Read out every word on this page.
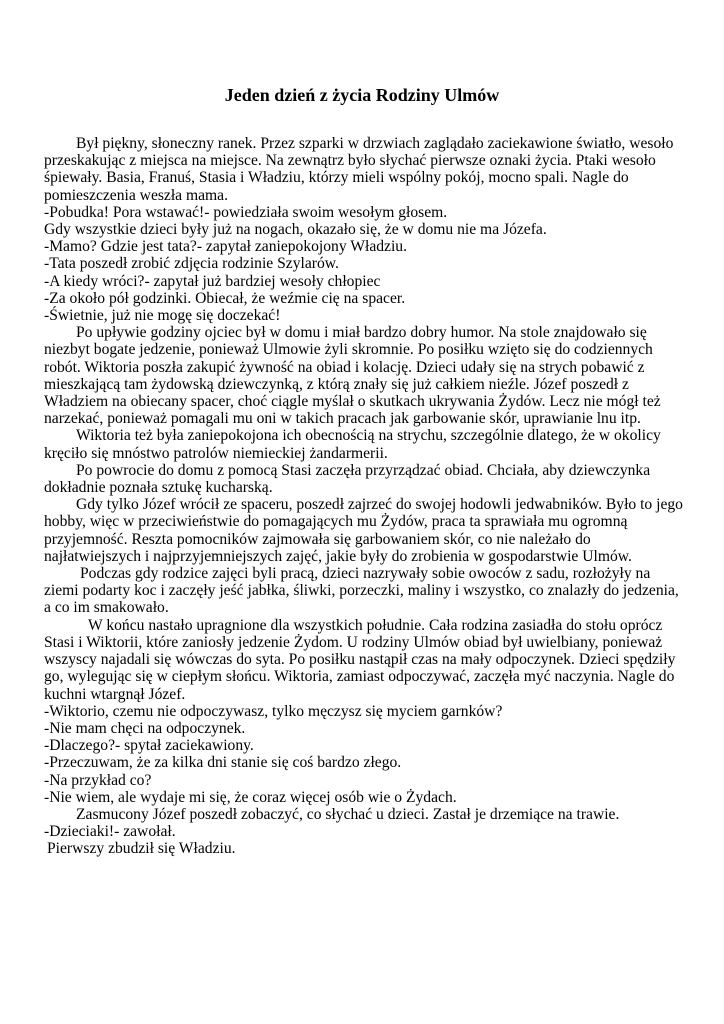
Jeden dzień z życia Rodziny Ulmów

Był piękny, słoneczny ranek. Przez szparki w drzwiach zaglądało zaciekawione światło, wesoło przeskakując z miejsca na miejsce. Na zewnątrz było słychać pierwsze oznaki życia. Ptaki wesoło śpiewały. Basia, Franuś, Stasia i Władziu, którzy mieli wspólny pokój, mocno spali. Nagle do pomieszczenia weszła mama.

-Pobudka! Pora wstawać!- powiedziała swoim wesołym głosem.

Gdy wszystkie dzieci były już na nogach, okazało się, że w domu nie ma Józefa.

-Mamo? Gdzie jest tata?- zapytał zaniepokojony Władziu.

-Tata poszedł zrobić zdjęcia rodzinie Szylarów.

-A kiedy wróci?- zapytał już bardziej wesoły chłopiec

-Za około pół godzinki. Obiecał, że weźmie cię na spacer.

-Świetnie, już nie mogę się doczekać!

Po upływie godziny ojciec był w domu i miał bardzo dobry humor. Na stole znajdowało się niezbyt bogate jedzenie, ponieważ Ulmowie żyli skromnie. Po posiłku wzięto się do codziennych robót. Wiktoria poszła zakupić żywność na obiad i kolację. Dzieci udały się na strych pobawić z mieszkającą tam żydowską dziewczynką, z którą znały się już całkiem nieźle. Józef poszedł z Władziem na obiecany spacer, choć ciągle myślał o skutkach ukrywania Żydów. Lecz nie mógł też narzekać, ponieważ pomagali mu oni w takich pracach jak garbowanie skór, uprawianie lnu itp.

Wiktoria też była zaniepokojona ich obecnością na strychu, szczególnie dlatego, że w okolicy kręciło się mnóstwo patrolów niemieckiej żandarmerii.

Po powrocie do domu z pomocą Stasi zaczęła przyrządzać obiad. Chciała, aby dziewczynka dokładnie poznała sztukę kucharską.

Gdy tylko Józef wrócił ze spaceru, poszedł zajrzeć do swojej hodowli jedwabników. Było to jego hobby, więc w przeciwieństwie do pomagających mu Żydów, praca ta sprawiała mu ogromną przyjemność. Reszta pomocników zajmowała się garbowaniem skór, co nie należało do najłatwiejszych i najprzyjemniejszych zajęć, jakie były do zrobienia w gospodarstwie Ulmów.

Podczas gdy rodzice zajęci byli pracą, dzieci nazrywały sobie owoców z sadu, rozłożyły na ziemi podarty koc i zaczęły jeść jabłka, śliwki, porzeczki, maliny i wszystko, co znalazły do jedzenia, a co im smakowało.

W końcu nastało upragnione dla wszystkich południe. Cała rodzina zasiadła do stołu oprócz Stasi i Wiktorii, które zaniosły jedzenie Żydom. U rodziny Ulmów obiad był uwielbiany, ponieważ wszyscy najadali się wówczas do syta. Po posiłku nastąpił czas na mały odpoczynek. Dzieci spędziły go, wylegując się w ciepłym słońcu. Wiktoria, zamiast odpoczywać, zaczęła myć naczynia. Nagle do kuchni wtargnął Józef.

-Wiktorio, czemu nie odpoczywasz, tylko męczysz się myciem garnków?

-Nie mam chęci na odpoczynek.

-Dlaczego?- spytał zaciekawiony.

-Przeczuwam, że za kilka dni stanie się coś bardzo złego.

-Na przykład co?

-Nie wiem, ale wydaje mi się, że coraz więcej osób wie o Żydach.

Zasmucony Józef poszedł zobaczyć, co słychać u dzieci. Zastał je drzemiące na trawie.

-Dzieciaki!- zawołał.

Pierwszy zbudził się Władziu.
